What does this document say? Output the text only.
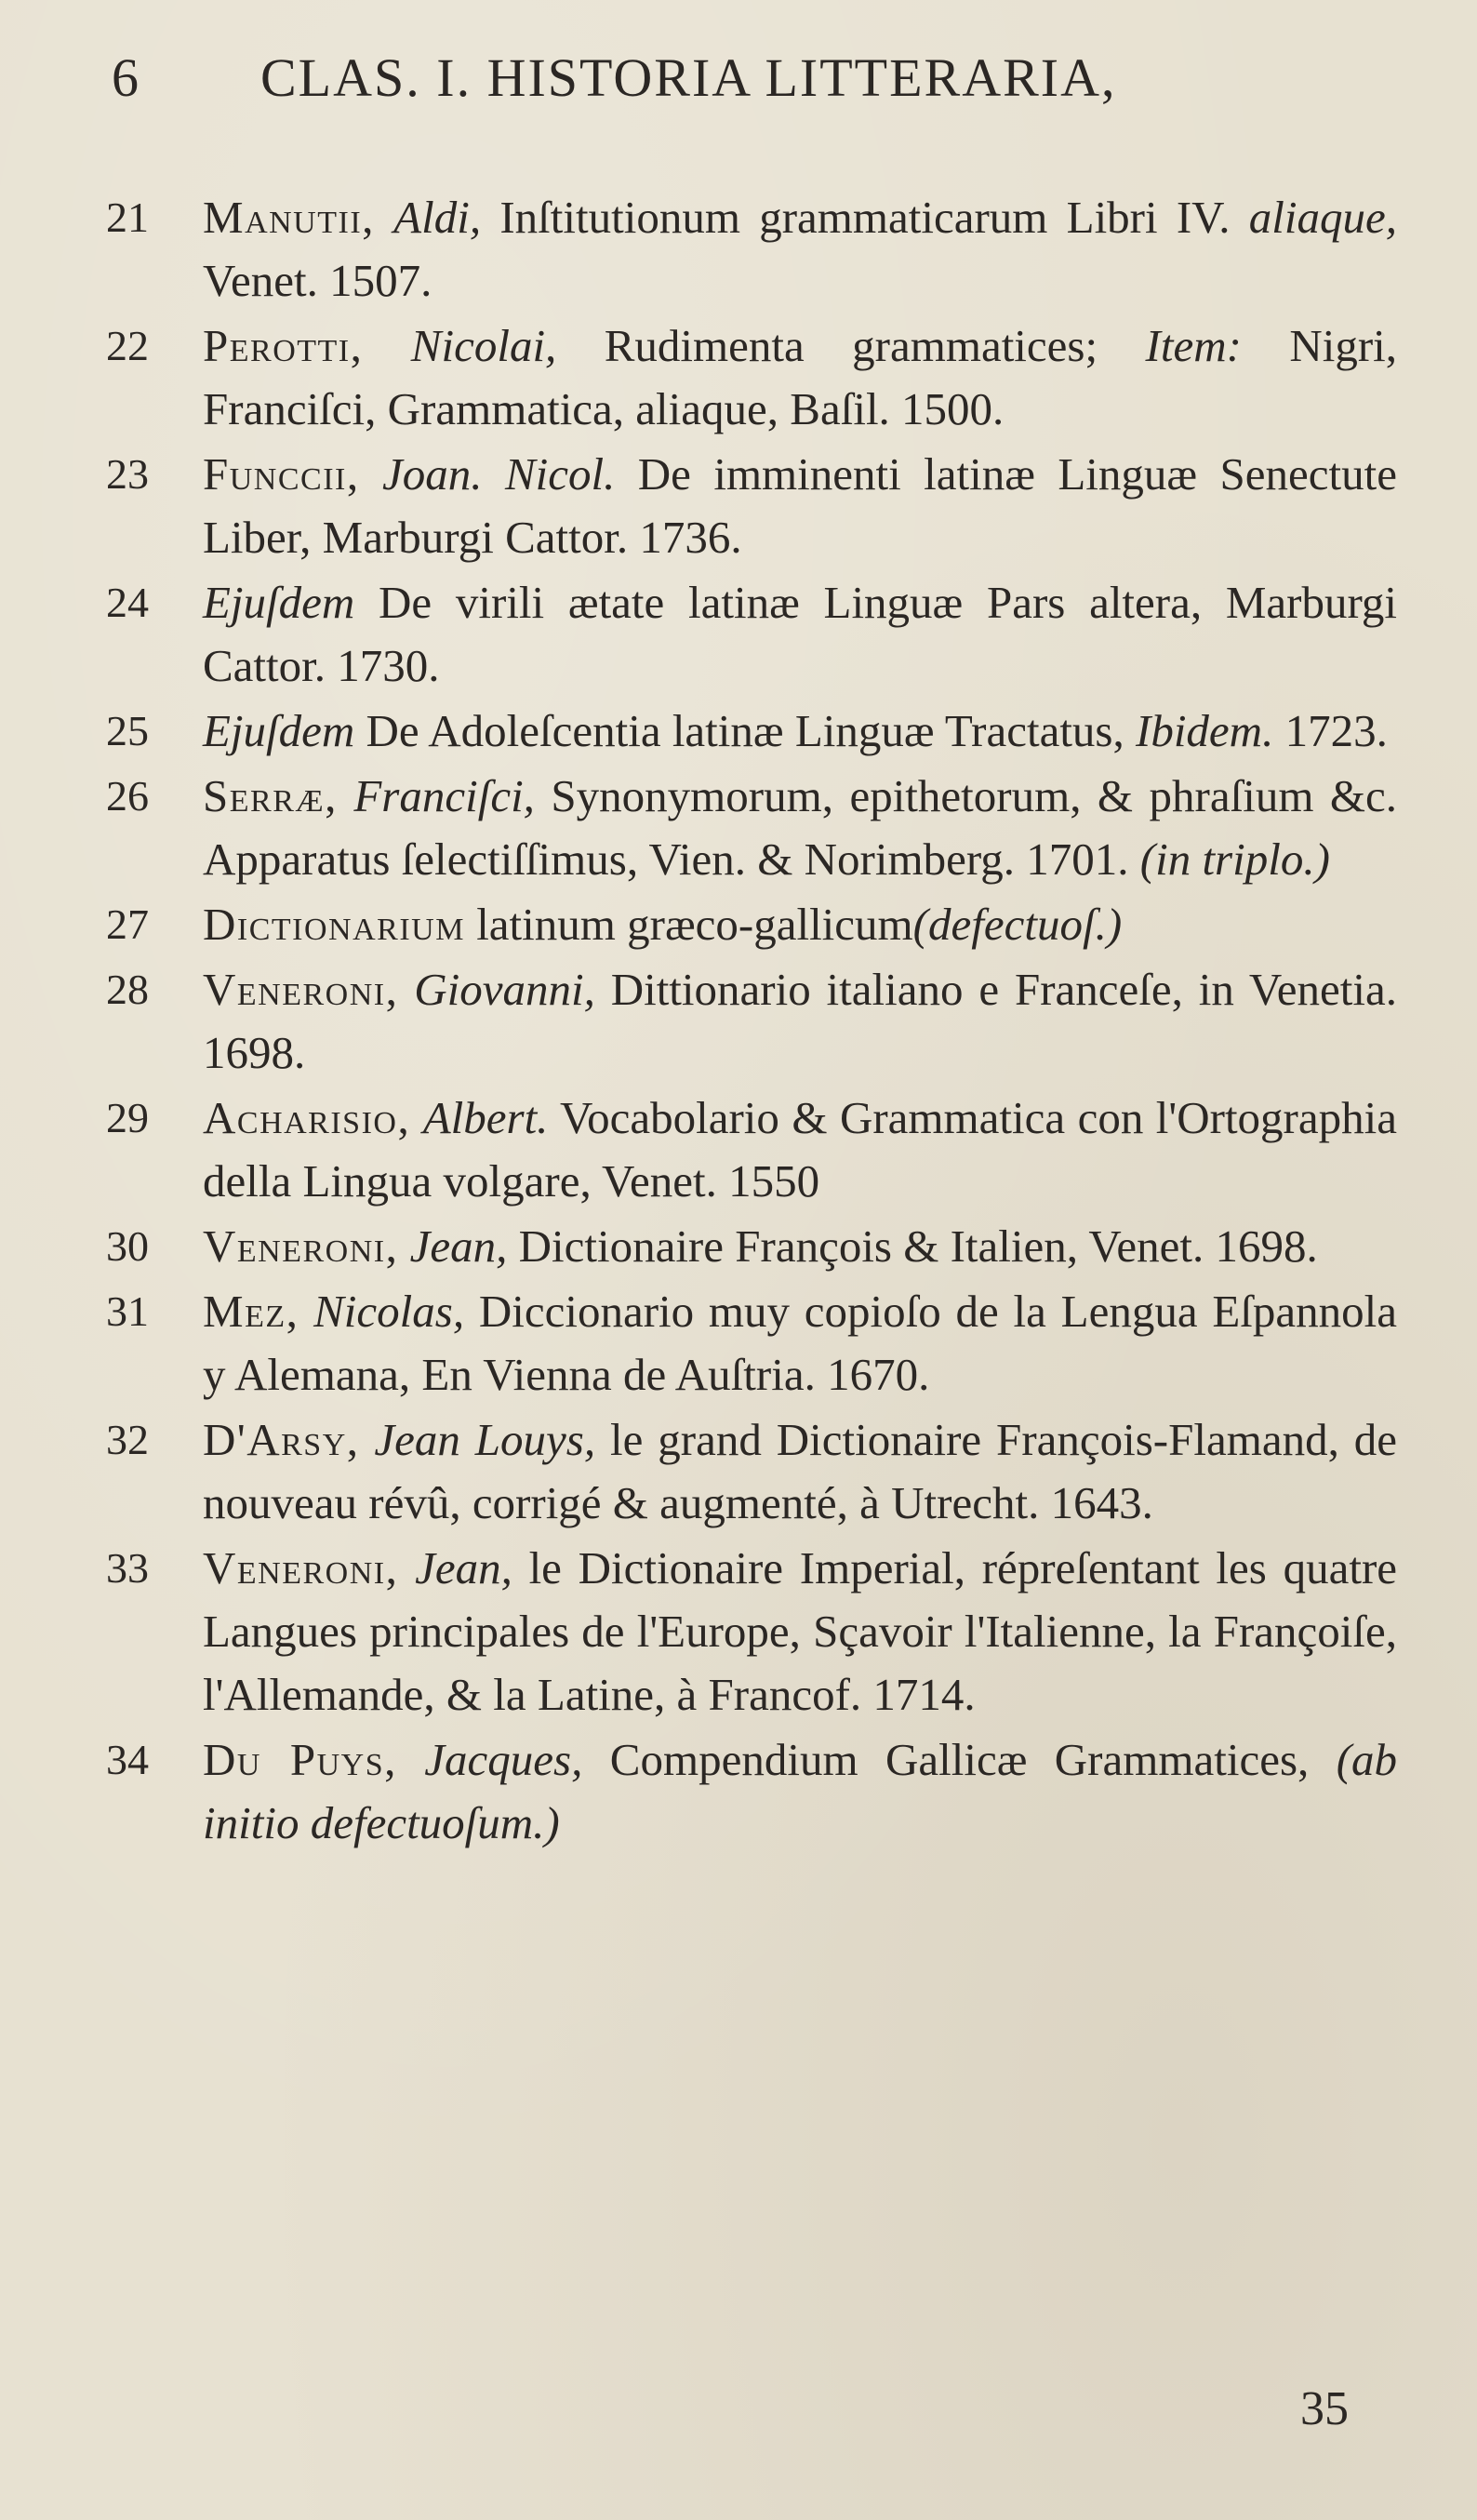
6	CLAS. I. HISTORIA LITTERARIA,
21	Manutii, Aldi, Inſtitutionum grammaticarum Libri IV. aliaque, Venet. 1507.
22	Perotti, Nicolai, Rudimenta grammatices; Item: Nigri, Franciſci, Grammatica, aliaque, Baſil. 1500.
23	Funccii, Joan. Nicol. De imminenti latinæ Linguæ Senectute Liber, Marburgi Cattor. 1736.
24	Ejuſdem De virili ætate latinæ Linguæ Pars altera, Marburgi Cattor. 1730.
25	Ejuſdem De Adoleſcentia latinæ Linguæ Tractatus, Ibidem. 1723.
26	Serræ, Franciſci, Synonymorum, epithetorum, & phraſium &c. Apparatus ſelectiſſimus, Vien. & Norimberg. 1701. (in triplo.)
27	Dictionarium latinum græco-gallicum(defectuoſ.)
28	Veneroni, Giovanni, Dittionario italiano e Franceſe, in Venetia. 1698.
29	Acharisio, Albert. Vocabolario & Grammatica con l'Ortographia della Lingua volgare, Venet. 1550
30	Veneroni, Jean, Dictionaire François & Italien, Venet. 1698.
31	Mez, Nicolas, Diccionario muy copioſo de la Lengua Eſpannola y Alemana, En Vienna de Auſtria. 1670.
32	D'Arsy, Jean Louys, le grand Dictionaire François-Flamand, de nouveau révû, corrigé & augmenté, à Utrecht. 1643.
33	Veneroni, Jean, le Dictionaire Imperial, répreſentant les quatre Langues principales de l'Europe, Sçavoir l'Italienne, la Françoiſe, l'Allemande, & la Latine, à Francof. 1714.
34	Du Puys, Jacques, Compendium Gallicæ Grammatices, (ab initio defectuoſum.)
35
